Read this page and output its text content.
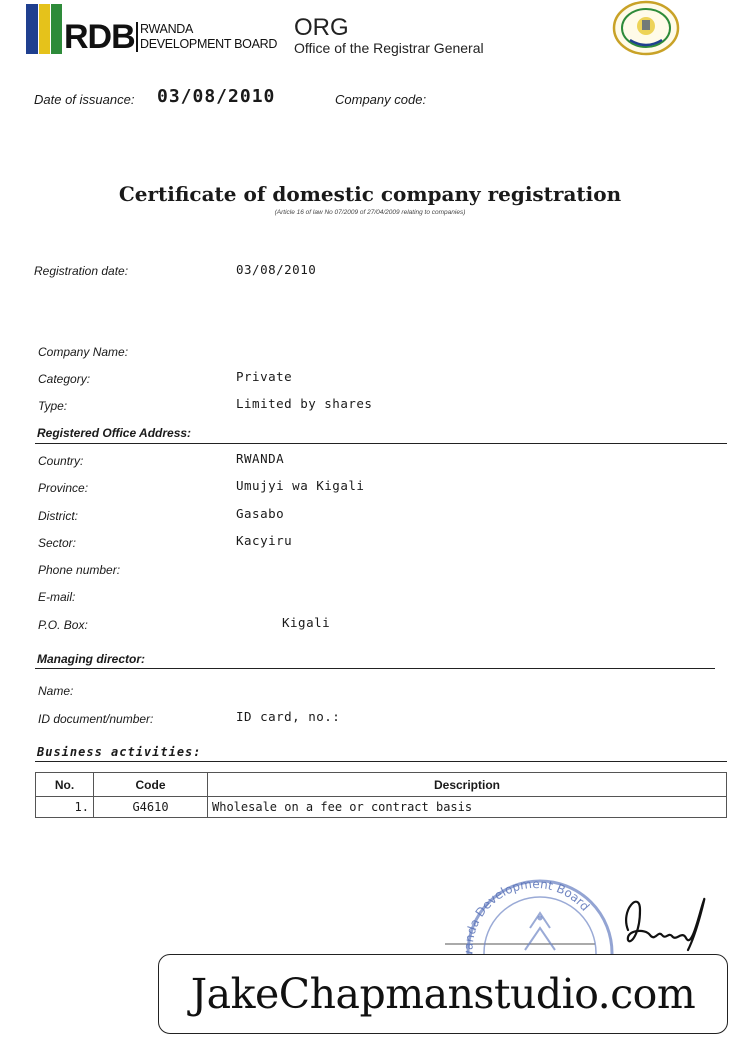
RDB RWANDA
DEVELOPMENT BOARD
ORG
Office of the Registrar General
Date of issuance: 03/08/2010	Company code:
Certificate of domestic company registration
(Article 16 of law No 07/2009 of 27/04/2009 relating to companies)
Registration date:	03/08/2010
Company Name:
Category:	Private
Type:	Limited by shares
Registered Office Address:
Country:	RWANDA
Province:	Umujyi wa Kigali
District:	Gasabo
Sector:	Kacyiru
Phone number:
E-mail:
P.O. Box:	Kigali
Managing director:
Name:
ID document/number:	ID card, no.:
Business activities:
No.	Code	Description
1.	G4610	Wholesale on a fee or contract basis
anda Development Board
JakeChapmanstudio.com
